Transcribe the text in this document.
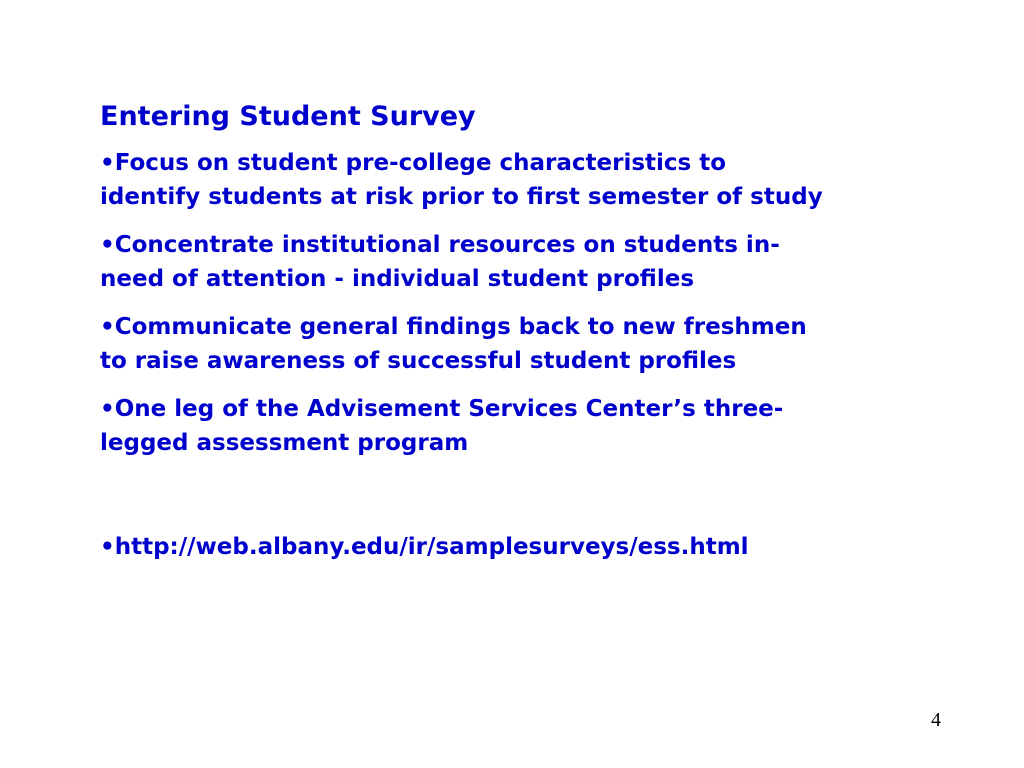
Entering Student Survey
•Focus on student pre-college characteristics to identify students at risk prior to first semester of study
•Concentrate institutional resources on students in-need of attention - individual student profiles
•Communicate general findings back to new freshmen to raise awareness of successful student profiles
•One leg of the Advisement Services Center’s three-legged assessment program
•http://web.albany.edu/ir/samplesurveys/ess.html
4
